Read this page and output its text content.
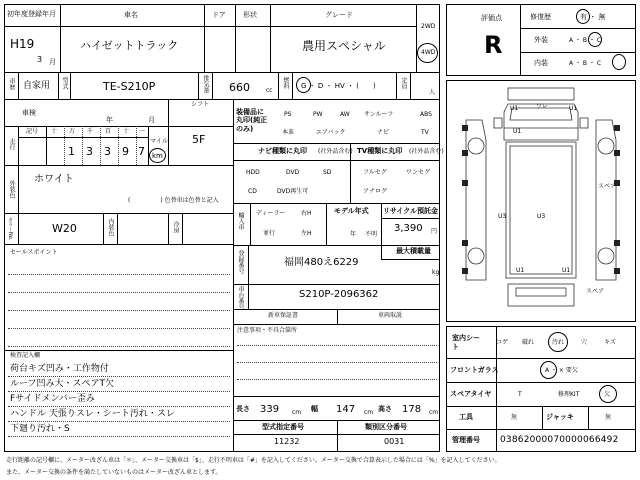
初年度登録年月
H19
3 月
車名
ハイゼットトラック
ドア 形状	グレード
農用スペシャル
2WD
4WD
評価点
R
修復歴	有 ・ 無
外装	A ・ B ・ C
内装	A ・ B ・ C
車歴 自家用 型式	TE-S210P	排気量 660	cc
燃料 G ・ D ・ HV ・ (　　)	定員
人
車検
年	月
シフト
5F
走行
記号 十 万 千 百 十 一
1 3 3 9 7
マイル
km
外装色
ホワイト
(　　　　　) 色替車は色替と記入
カラーNo.	W20	内装色	冷房
セールスポイント
検査記入欄
荷台キズ凹み・工作物付
ルーフ凹み大・スペアT欠
Fサイドメンバー歪み
ハンドル 天張りスレ・シート汚れ・スレ
下廻り汚れ・S
装備品に丸印(純正のみ)
PS	PW	AW サンルーフ	ABS
本革	エアバック	ナビ	TV
ナビ種類に丸印 (社外品含む)
HDD	DVD	SD
CD	DVD再生可
TV種類に丸印 (社外品含む)
フルセグ	ワンセグ
アナログ
輸入車 ディーラー
並行
右H
左H
モデル年式
年 不明
リサイクル預託金
3,390 円
最大積載量
kg
登録番号	福岡480え6229
車台番号	S210P-2096362
新車保証書	車両取説
注意事項・不具合箇所
長さ 339 cm 幅 147 cm 高さ 178 cm
型式指定番号
11232
類別区分番号
0031
U1	ワレ	U1
U1
U3	U3
U1	U1
スペア
スペア
室内シート
コゲ 破れ	汚れ	穴	キズ
フロントガラス	A ・ × 要欠
スペアタイヤ	T	修理KIT	欠
工具	無	ジャッキ	無
管理番号 03862000070000066492
走行距離の記号欄に、メーター改ざん車は「＊」、メーター交換車は「$」、走行不明車は「#」を記入してください。メーター交換で合算表示した場合には「%」を記入してください。
また、メーター交換の条件を満たしていないものはメーター改ざん車とします。
